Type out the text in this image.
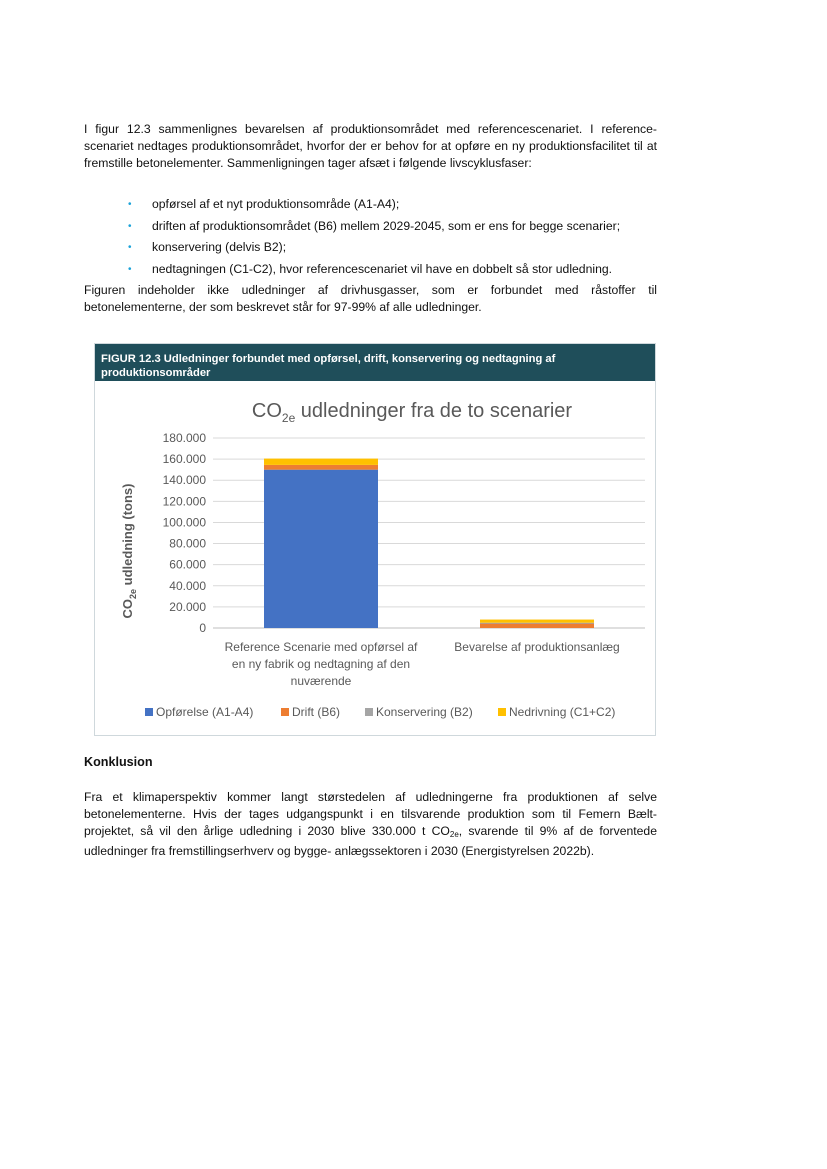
I figur 12.3 sammenlignes bevarelsen af produktionsområdet med referencescenariet. I reference-scenariet nedtages produktionsområdet, hvorfor der er behov for at opføre en ny produktionsfacilitet til at fremstille betonelementer. Sammenligningen tager afsæt i følgende livscyklusfaser:
• opførsel af et nyt produktionsområde (A1-A4);
• driften af produktionsområdet (B6) mellem 2029-2045, som er ens for begge scenarier;
• konservering (delvis B2);
• nedtagningen (C1-C2), hvor referencescenariet vil have en dobbelt så stor udledning.
Figuren indeholder ikke udledninger af drivhusgasser, som er forbundet med råstoffer til betonelementerne, der som beskrevet står for 97-99% af alle udledninger.
FIGUR 12.3 Udledninger forbundet med opførsel, drift, konservering og nedtagning af produktionsområder
$CO_{2e}$ udledninger fra de to scenarier
0
20.000
40.000
60.000
80.000
100.000
120.000
140.000
160.000
180.000
Reference Scenarie med opførsel af
en ny fabrik og nedtagning af den
nuværende
Bevarelse af produktionsanlæg
$CO_{2e}$ udledning (tons)
Opførelse (A1-A4)	Drift (B6)	Konservering (B2)	Nedrivning (C1+C2)
Konklusion
Fra et klimaperspektiv kommer langt størstedelen af udledningerne fra produktionen af selve betonelementerne. Hvis der tages udgangspunkt i en tilsvarende produktion som til Femern Bælt-projektet, så vil den årlige udledning i 2030 blive 330.000 t $CO_{2e}$, svarende til 9% af de forventede udledninger fra fremstillingserhverv og bygge- anlægssektoren i 2030 (Energistyrelsen 2022b).
